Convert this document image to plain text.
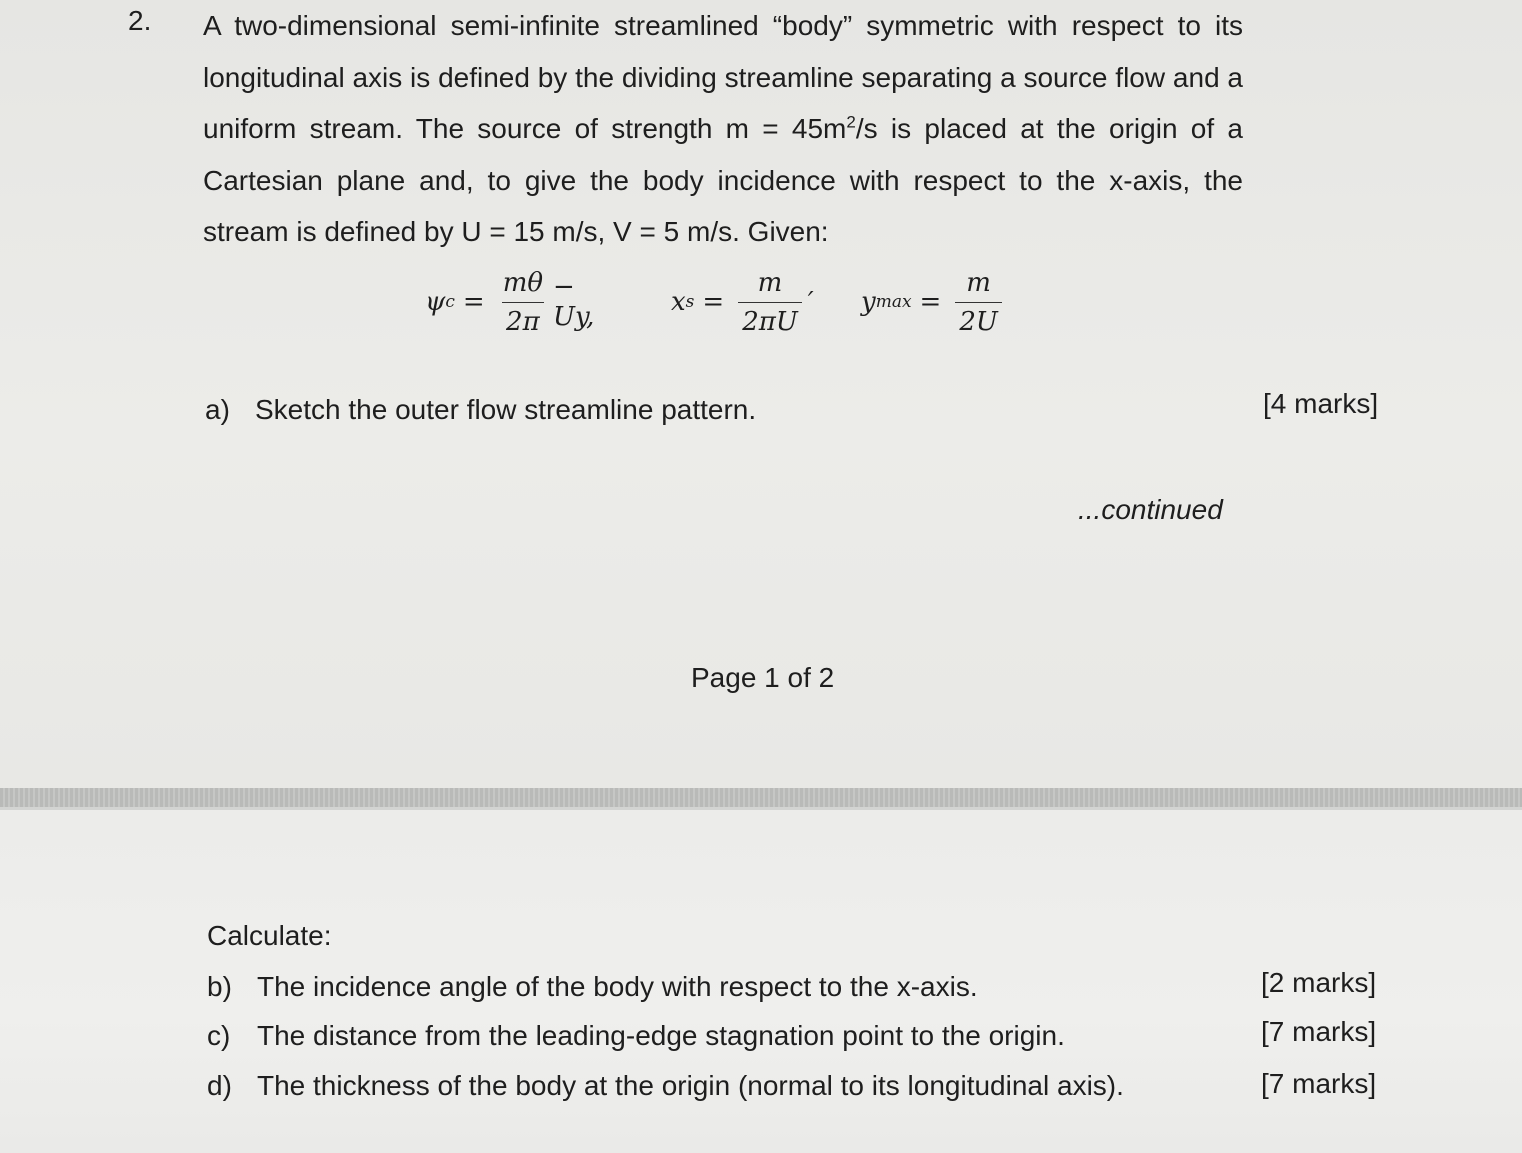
2. A two-dimensional semi-infinite streamlined “body” symmetric with respect to its longitudinal axis is defined by the dividing streamline separating a source flow and a uniform stream. The source of strength $m = 45m^2/s$ is placed at the origin of a Cartesian plane and, to give the body incidence with respect to the x-axis, the stream is defined by U = 15 m/s, V = 5 m/s. Given:

ψ $c = \frac{m\theta}{2\pi} - Uy$,	x $s = \frac{m}{2\pi U}$ ′ y $\max = \frac{m}{2U}$
a) Sketch the outer flow streamline pattern.	[4 marks]
...continued
Page 1 of 2
Calculate:
b) The incidence angle of the body with respect to the x-axis.	[2 marks]
c) The distance from the leading-edge stagnation point to the origin.	[7 marks]
d) The thickness of the body at the origin (normal to its longitudinal axis).	[7 marks]
